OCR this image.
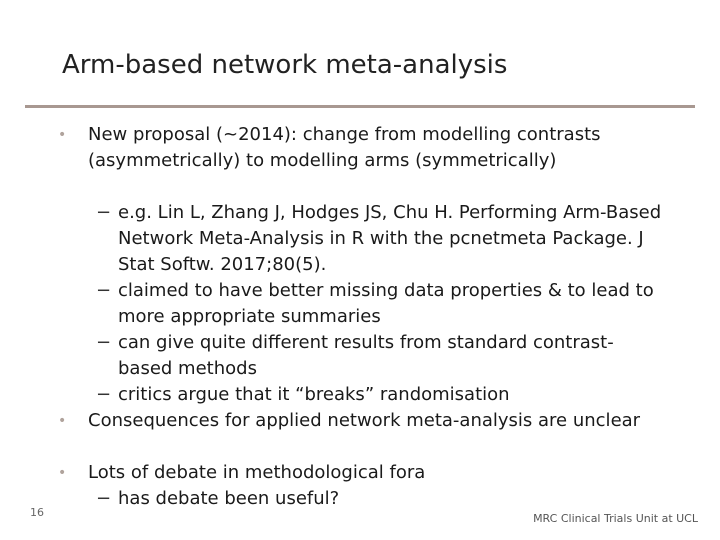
Arm-based network meta-analysis
• New proposal (~2014): change from modelling contrasts (asymmetrically) to modelling arms (symmetrically)
− e.g. Lin L, Zhang J, Hodges JS, Chu H. Performing Arm-Based Network Meta-Analysis in R with the pcnetmeta Package. J Stat Softw. 2017;80(5).
− claimed to have better missing data properties & to lead to more appropriate summaries
− can give quite different results from standard contrast-based methods
− critics argue that it “breaks” randomisation
• Consequences for applied network meta-analysis are unclear
• Lots of debate in methodological fora
− has debate been useful?
16	MRC Clinical Trials Unit at UCL
